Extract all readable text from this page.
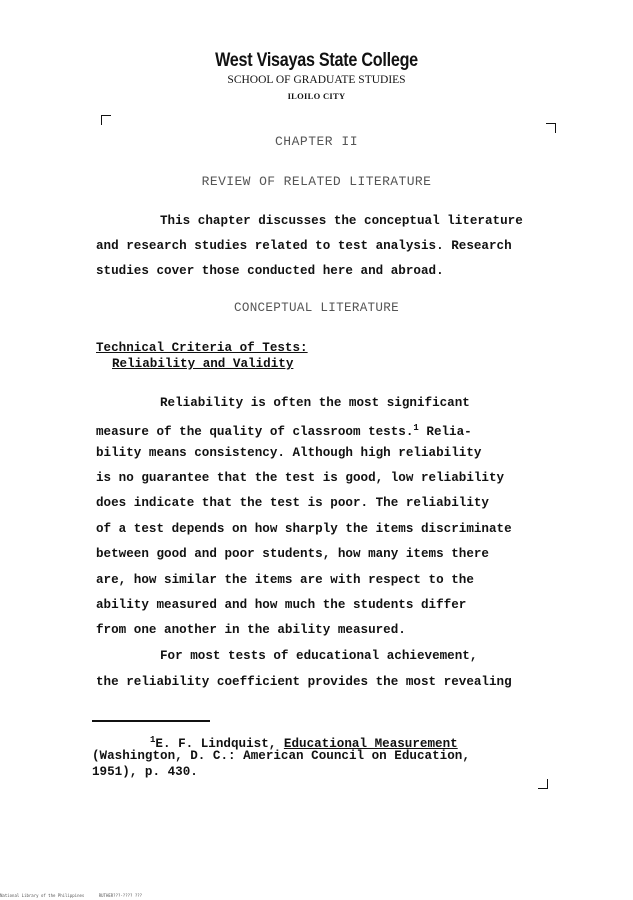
West Visayas State College
SCHOOL OF GRADUATE STUDIES
ILOILO CITY
CHAPTER II
REVIEW OF RELATED LITERATURE
This chapter discusses the conceptual literature
and research studies related to test analysis. Research
studies cover those conducted here and abroad.
CONCEPTUAL LITERATURE
Technical Criteria of Tests:
Reliability and Validity
Reliability is often the most significant
measure of the quality of classroom tests.$^1$ Relia-
bility means consistency. Although high reliability
is no guarantee that the test is good, low reliability
does indicate that the test is poor. The reliability
of a test depends on how sharply the items discriminate
between good and poor students, how many items there
are, how similar the items are with respect to the
ability measured and how much the students differ
from one another in the ability measured.
For most tests of educational achievement,
the reliability coefficient provides the most revealing
$^1$E. F. Lindquist, Educational Measurement
(Washington, D. C.: American Council on Education,
1951), p. 430.
National Library of the Philippines	RUTHER???-???? ???
